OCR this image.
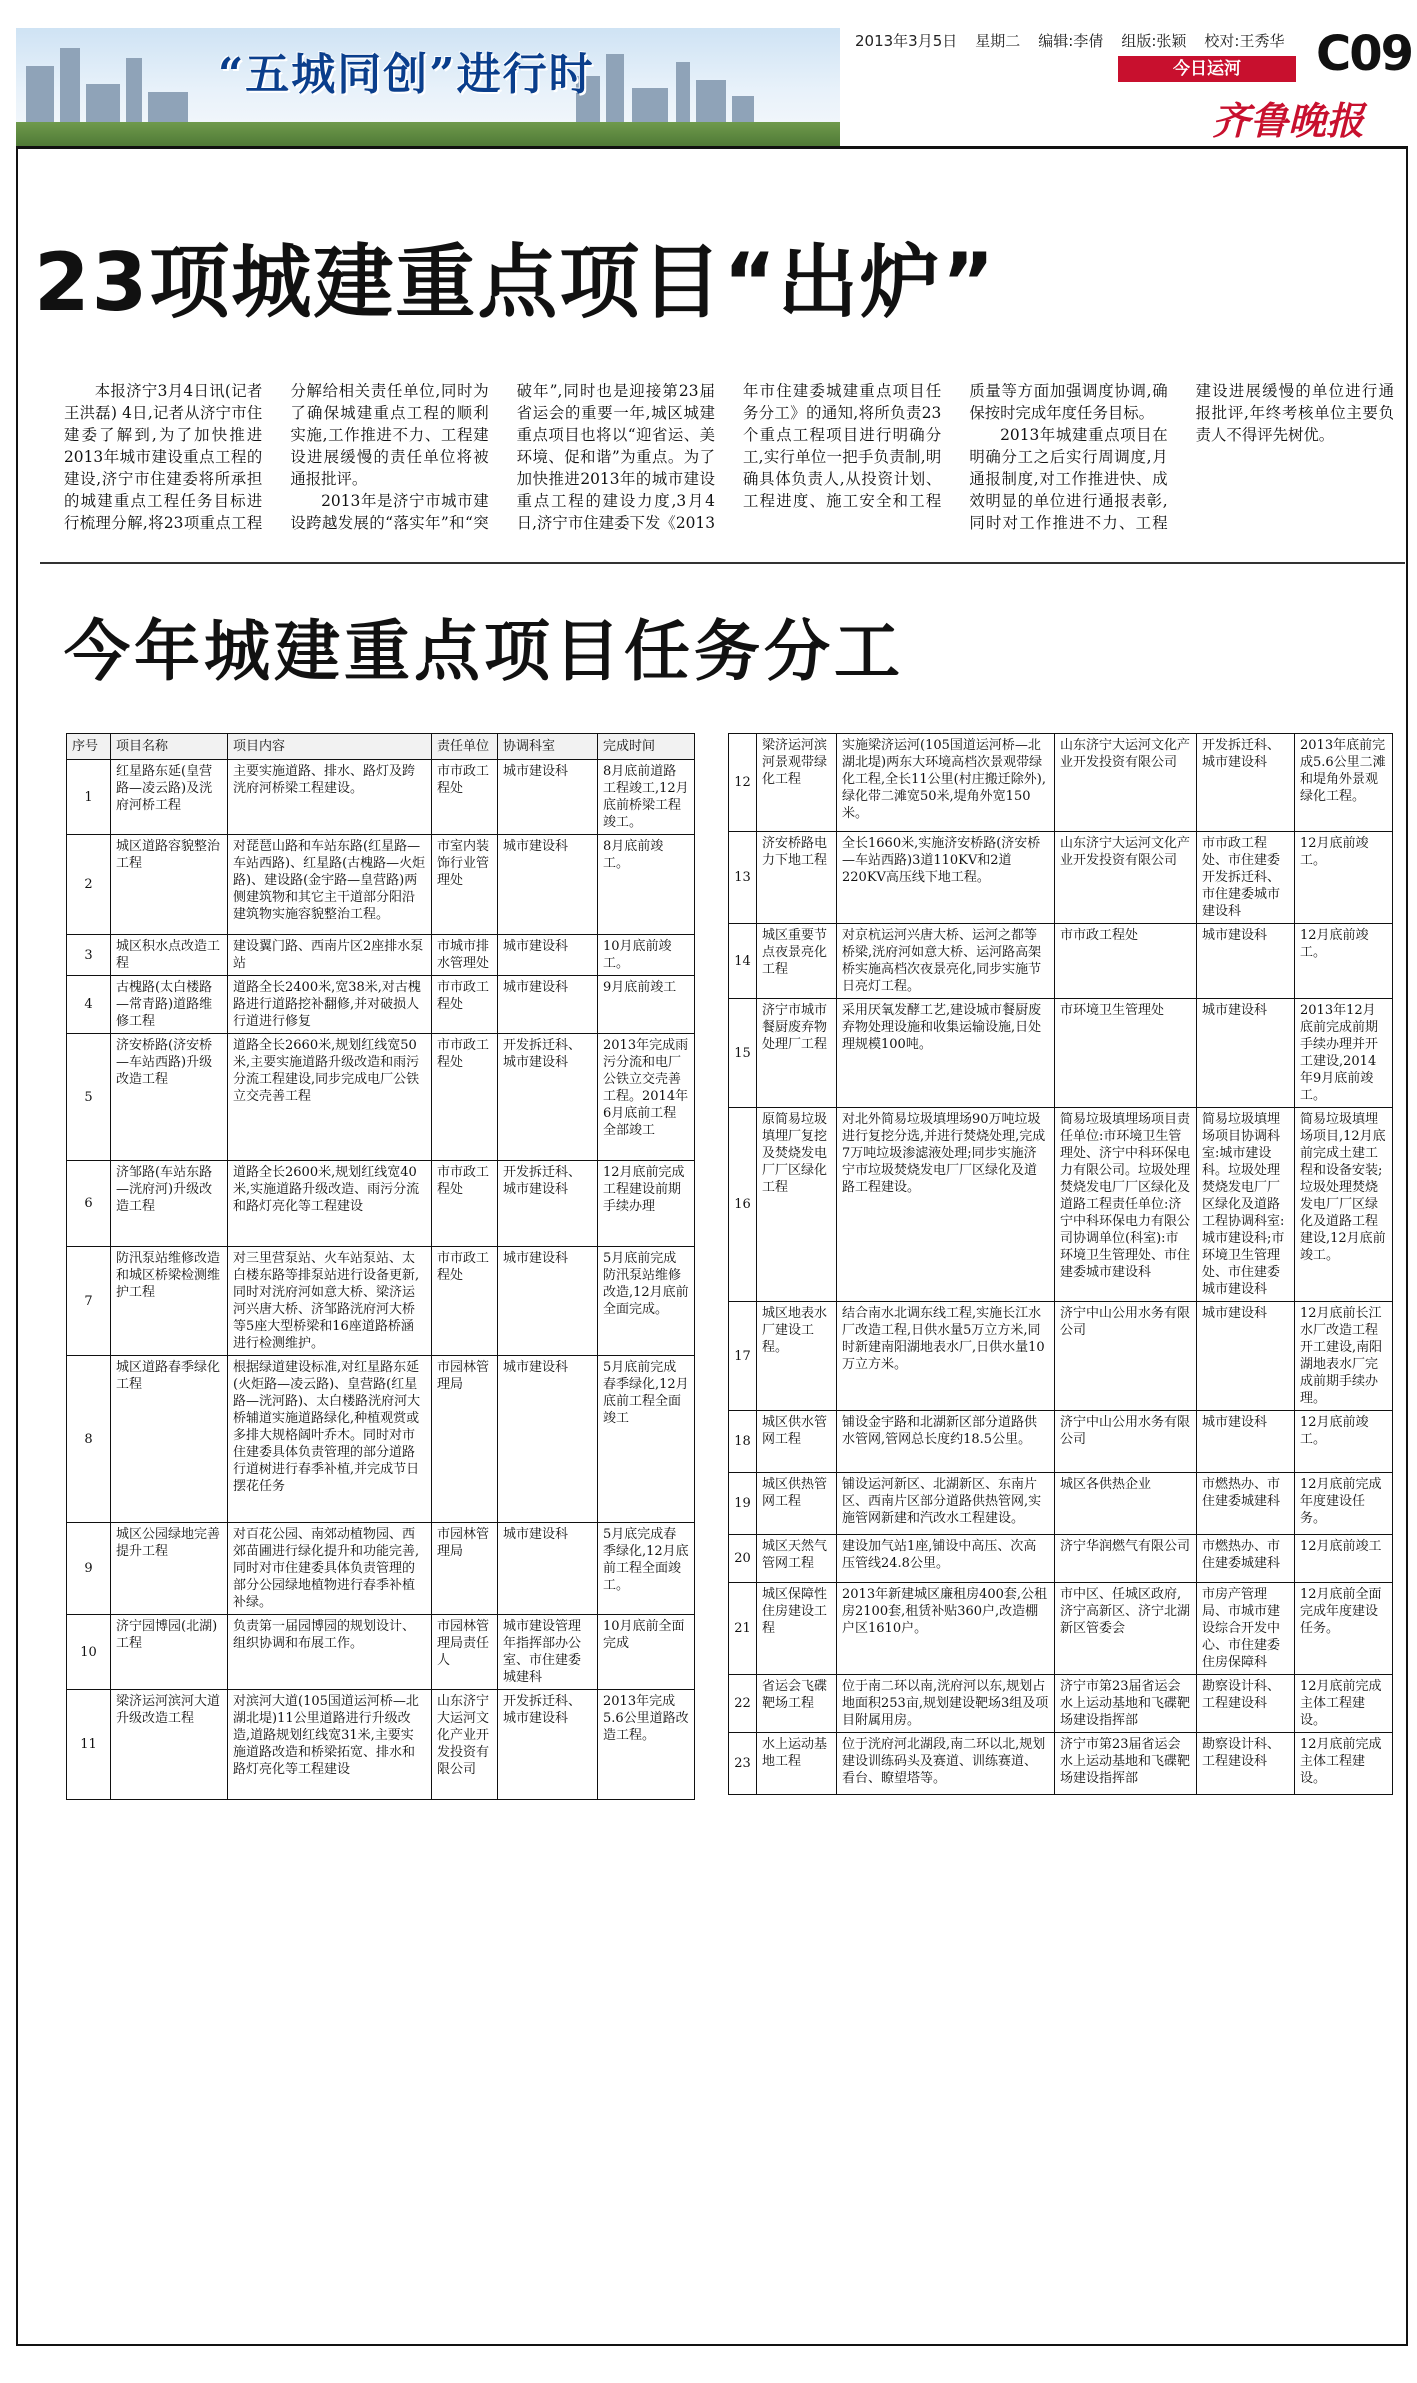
“五城同创”进行时
2013年3月5日 星期二 编辑:李倩 组版:张颖 校对:王秀华
今日运河	C09
齐鲁晚报
23项城建重点项目“出炉”

本报济宁3月4日讯(记者 王洪磊) 4日,记者从济宁市住建委了解到,为了加快推进2013年城市建设重点工程的建设,济宁市住建委将所承担的城建重点工程任务目标进行梳理分解,将23项重点工程分解给相关责任单位,同时为了确保城建重点工程的顺利实施,工作推进不力、工程建设进展缓慢的责任单位将被通报批评。

2013年是济宁市城市建设跨越发展的“落实年”和“突破年”,同时也是迎接第23届省运会的重要一年,城区城建重点项目也将以“迎省运、美环境、促和谐”为重点。为了加快推进2013年的城市建设重点工程的建设力度,3月4日,济宁市住建委下发《2013年市住建委城建重点项目任务分工》的通知,将所负责23个重点工程项目进行明确分工,实行单位一把手负责制,明确具体负责人,从投资计划、工程进度、施工安全和工程质量等方面加强调度协调,确保按时完成年度任务目标。

2013年城建重点项目在明确分工之后实行周调度,月通报制度,对工作推进快、成效明显的单位进行通报表彰,同时对工作推进不力、工程建设进展缓慢的单位进行通报批评,年终考核单位主要负责人不得评先树优。

今年城建重点项目任务分工
序号	项目名称	项目内容	责任单位	协调科室	完成时间
1	红星路东延(皇营路—凌云路)及洸府河桥工程	主要实施道路、排水、路灯及跨洸府河桥梁工程建设。	市市政工程处	城市建设科	8月底前道路工程竣工,12月底前桥梁工程竣工。
2	城区道路容貌整治工程	对琵琶山路和车站东路(红星路—车站西路)、红星路(古槐路—火炬路)、建设路(金宇路—皇营路)两侧建筑物和其它主干道部分阳沿建筑物实施容貌整治工程。	市室内装饰行业管理处	城市建设科	8月底前竣工。
3	城区积水点改造工程	建设翼门路、西南片区2座排水泵站	市城市排水管理处	城市建设科	10月底前竣工。
4	古槐路(太白楼路—常青路)道路维修工程	道路全长2400米,宽38米,对古槐路进行道路挖补翻修,并对破损人行道进行修复	市市政工程处	城市建设科	9月底前竣工
5	济安桥路(济安桥—车站西路)升级改造工程	道路全长2660米,规划红线宽50米,主要实施道路升级改造和雨污分流工程建设,同步完成电厂公铁立交壳善工程	市市政工程处	开发拆迁科、城市建设科	2013年完成雨污分流和电厂公铁立交壳善工程。2014年6月底前工程全部竣工
6	济邹路(车站东路—洸府河)升级改造工程	道路全长2600米,规划红线宽40米,实施道路升级改造、雨污分流和路灯亮化等工程建设	市市政工程处	开发拆迁科、城市建设科	12月底前完成工程建设前期手续办理
7	防汛泵站维修改造和城区桥梁检测维护工程	对三里营泵站、火车站泵站、太白楼东路等排泵站进行设备更新,同时对洸府河如意大桥、梁济运河兴唐大桥、济邹路洸府河大桥等5座大型桥梁和16座道路桥涵进行检测维护。	市市政工程处	城市建设科	5月底前完成防汛泵站维修改造,12月底前全面完成。
8	城区道路春季绿化工程	根据绿道建设标准,对红星路东延(火炬路—凌云路)、皇营路(红星路—洸河路)、太白楼路洸府河大桥辅道实施道路绿化,种植观赏或多排大规格阔叶乔木。同时对市住建委具体负责管理的部分道路行道树进行春季补植,并完成节日摆花任务	市园林管理局	城市建设科	5月底前完成春季绿化,12月底前工程全面竣工
9	城区公园绿地完善提升工程	对百花公园、南郊动植物园、西郊苗圃进行绿化提升和功能完善,同时对市住建委具体负责管理的部分公园绿地植物进行春季补植补绿。	市园林管理局	城市建设科	5月底完成春季绿化,12月底前工程全面竣工。
10	济宁园博园(北湖)工程	负责第一届园博园的规划设计、组织协调和布展工作。	市园林管理局责任人	城市建设管理年指挥部办公室、市住建委城建科	10月底前全面完成
11	梁济运河滨河大道升级改造工程	对滨河大道(105国道运河桥—北湖北堤)11公里道路进行升级改造,道路规划红线宽31米,主要实施道路改造和桥梁拓宽、排水和路灯亮化等工程建设	山东济宁大运河文化产业开发投资有限公司	开发拆迁科、城市建设科	2013年完成5.6公里道路改造工程。
12	梁济运河滨河景观带绿化工程	实施梁济运河(105国道运河桥—北湖北堤)两东大环境高档次景观带绿化工程,全长11公里(村庄搬迁除外),绿化带二滩宽50米,堤角外宽150米。	山东济宁大运河文化产业开发投资有限公司	开发拆迁科、城市建设科	2013年底前完成5.6公里二滩和堤角外景观绿化工程。
13	济安桥路电力下地工程	全长1660米,实施济安桥路(济安桥—车站西路)3道110KV和2道220KV高压线下地工程。	山东济宁大运河文化产业开发投资有限公司	市市政工程处、市住建委开发拆迁科、市住建委城市建设科	12月底前竣工。
14	城区重要节点夜景亮化工程	对京杭运河兴唐大桥、运河之都等桥梁,洸府河如意大桥、运河路高架桥实施高档次夜景亮化,同步实施节日亮灯工程。	市市政工程处	城市建设科	12月底前竣工。
15	济宁市城市餐厨废弃物处理厂工程	采用厌氧发酵工艺,建设城市餐厨废弃物处理设施和收集运输设施,日处理规模100吨。	市环境卫生管理处	城市建设科	2013年12月底前完成前期手续办理并开工建设,2014年9月底前竣工。
16	原简易垃圾填埋厂复挖及焚烧发电厂厂区绿化工程	对北外简易垃圾填埋场90万吨垃圾进行复挖分选,并进行焚烧处理,完成7万吨垃圾渗滤液处理;同步实施济宁市垃圾焚烧发电厂厂区绿化及道路工程建设。	简易垃圾填埋场项目责任单位:市环境卫生管理处、济宁中科环保电力有限公司。垃圾处理焚烧发电厂厂区绿化及道路工程责任单位:济宁中科环保电力有限公司协调单位(科室):市环境卫生管理处、市住建委城市建设科	简易垃圾填埋场项目协调科室:城市建设科。垃圾处理焚烧发电厂厂区绿化及道路工程协调科室:城市建设科;市环境卫生管理处、市住建委城市建设科	简易垃圾填埋场项目,12月底前完成土建工程和设备安装;垃圾处理焚烧发电厂厂区绿化及道路工程建设,12月底前竣工。
17	城区地表水厂建设工程。	结合南水北调东线工程,实施长江水厂改造工程,日供水量5万立方米,同时新建南阳湖地表水厂,日供水量10万立方米。	济宁中山公用水务有限公司	城市建设科	12月底前长江水厂改造工程开工建设,南阳湖地表水厂完成前期手续办理。
18	城区供水管网工程	铺设金宇路和北湖新区部分道路供水管网,管网总长度约18.5公里。	济宁中山公用水务有限公司	城市建设科	12月底前竣工。
19	城区供热管网工程	铺设运河新区、北湖新区、东南片区、西南片区部分道路供热管网,实施管网新建和汽改水工程建设。	城区各供热企业	市燃热办、市住建委城建科	12月底前完成年度建设任务。
20	城区天然气管网工程	建设加气站1座,铺设中高压、次高压管线24.8公里。	济宁华润燃气有限公司	市燃热办、市住建委城建科	12月底前竣工
21	城区保障性住房建设工程	2013年新建城区廉租房400套,公租房2100套,租赁补贴360户,改造棚户区1610户。	市中区、任城区政府,济宁高新区、济宁北湖新区管委会	市房产管理局、市城市建设综合开发中心、市住建委住房保障科	12月底前全面完成年度建设任务。
22	省运会飞碟靶场工程	位于南二环以南,洸府河以东,规划占地面积253亩,规划建设靶场3组及项目附属用房。	济宁市第23届省运会水上运动基地和飞碟靶场建设指挥部	勘察设计科、工程建设科	12月底前完成主体工程建设。
23	水上运动基地工程	位于洸府河北湖段,南二环以北,规划建设训练码头及赛道、训练赛道、看台、瞭望塔等。	济宁市第23届省运会水上运动基地和飞碟靶场建设指挥部	勘察设计科、工程建设科	12月底前完成主体工程建设。
